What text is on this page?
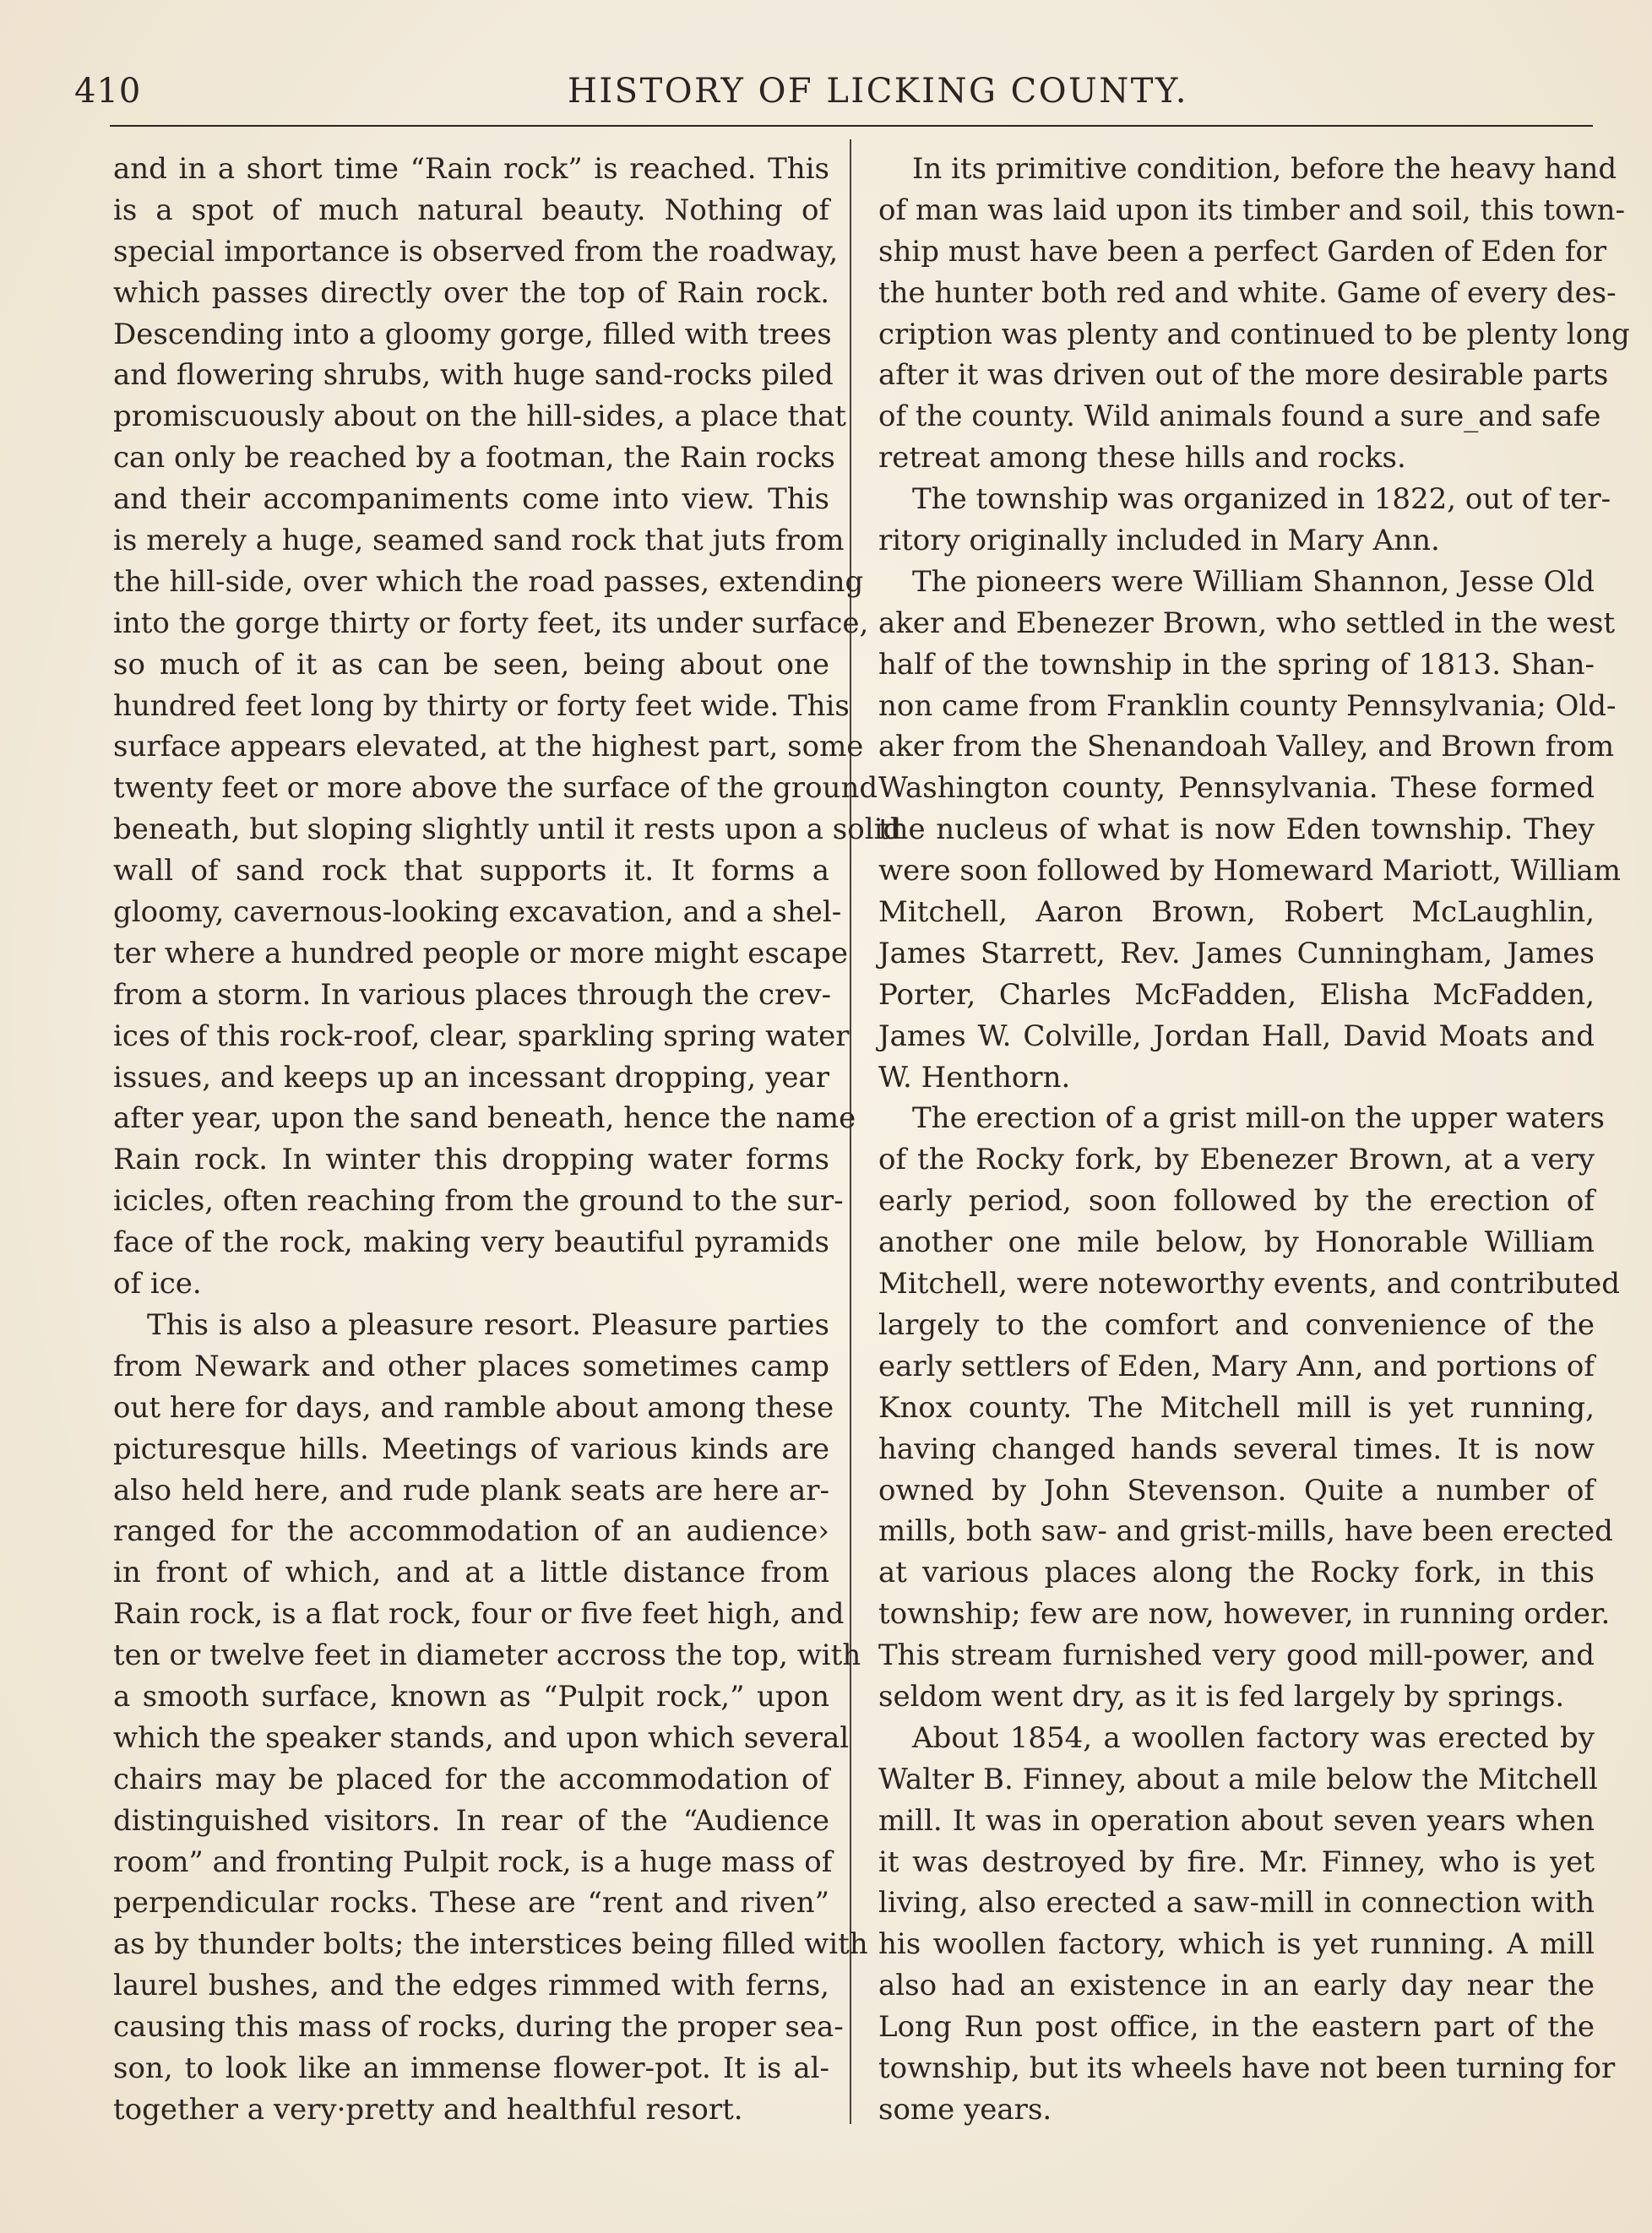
410	HISTORY OF LICKING COUNTY.
and in a short time “Rain rock” is reached. This
is a spot of much natural beauty. Nothing of
special importance is observed from the roadway,
which passes directly over the top of Rain rock.
Descending into a gloomy gorge, filled with trees
and flowering shrubs, with huge sand-rocks piled
promiscuously about on the hill-sides, a place that
can only be reached by a footman, the Rain rocks
and their accompaniments come into view. This
is merely a huge, seamed sand rock that juts from
the hill-side, over which the road passes, extending
into the gorge thirty or forty feet, its under surface,
so much of it as can be seen, being about one
hundred feet long by thirty or forty feet wide. This
surface appears elevated, at the highest part, some
twenty feet or more above the surface of the ground
beneath, but sloping slightly until it rests upon a solid
wall of sand rock that supports it. It forms a
gloomy, cavernous-looking excavation, and a shel-
ter where a hundred people or more might escape
from a storm. In various places through the crev-
ices of this rock-roof, clear, sparkling spring water
issues, and keeps up an incessant dropping, year
after year, upon the sand beneath, hence the name
Rain rock. In winter this dropping water forms
icicles, often reaching from the ground to the sur-
face of the rock, making very beautiful pyramids
of ice.
This is also a pleasure resort. Pleasure parties
from Newark and other places sometimes camp
out here for days, and ramble about among these
picturesque hills. Meetings of various kinds are
also held here, and rude plank seats are here ar-
ranged for the accommodation of an audience›
in front of which, and at a little distance from
Rain rock, is a flat rock, four or five feet high, and
ten or twelve feet in diameter accross the top, with
a smooth surface, known as “Pulpit rock,” upon
which the speaker stands, and upon which several
chairs may be placed for the accommodation of
distinguished visitors. In rear of the “Audience
room” and fronting Pulpit rock, is a huge mass of
perpendicular rocks. These are “rent and riven”
as by thunder bolts; the interstices being filled with
laurel bushes, and the edges rimmed with ferns,
causing this mass of rocks, during the proper sea-
son, to look like an immense flower-pot. It is al-
together a very·pretty and healthful resort.
In its primitive condition, before the heavy hand
of man was laid upon its timber and soil, this town-
ship must have been a perfect Garden of Eden for
the hunter both red and white. Game of every des-
cription was plenty and continued to be plenty long
after it was driven out of the more desirable parts
of the county. Wild animals found a sure_and safe
retreat among these hills and rocks.
The township was organized in 1822, out of ter-
ritory originally included in Mary Ann.
The pioneers were William Shannon, Jesse Old
aker and Ebenezer Brown, who settled in the west
half of the township in the spring of 1813. Shan-
non came from Franklin county Pennsylvania; Old-
aker from the Shenandoah Valley, and Brown from
Washington county, Pennsylvania. These formed
the nucleus of what is now Eden township. They
were soon followed by Homeward Mariott, William
Mitchell, Aaron Brown, Robert McLaughlin,
James Starrett, Rev. James Cunningham, James
Porter, Charles McFadden, Elisha McFadden,
James W. Colville, Jordan Hall, David Moats and
W. Henthorn.
The erection of a grist mill-on the upper waters
of the Rocky fork, by Ebenezer Brown, at a very
early period, soon followed by the erection of
another one mile below, by Honorable William
Mitchell, were noteworthy events, and contributed
largely to the comfort and convenience of the
early settlers of Eden, Mary Ann, and portions of
Knox county. The Mitchell mill is yet running,
having changed hands several times. It is now
owned by John Stevenson. Quite a number of
mills, both saw- and grist-mills, have been erected
at various places along the Rocky fork, in this
township; few are now, however, in running order.
This stream furnished very good mill-power, and
seldom went dry, as it is fed largely by springs.
About 1854, a woollen factory was erected by
Walter B. Finney, about a mile below the Mitchell
mill. It was in operation about seven years when
it was destroyed by fire. Mr. Finney, who is yet
living, also erected a saw-mill in connection with
his woollen factory, which is yet running. A mill
also had an existence in an early day near the
Long Run post office, in the eastern part of the
township, but its wheels have not been turning for
some years.
